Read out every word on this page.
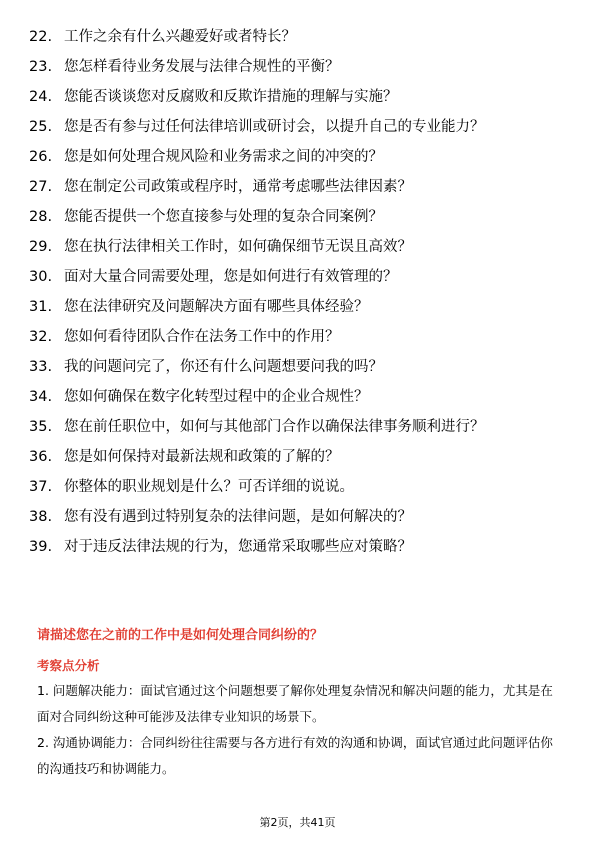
22. 工作之余有什么兴趣爱好或者特长？
23. 您怎样看待业务发展与法律合规性的平衡？
24. 您能否谈谈您对反腐败和反欺诈措施的理解与实施？
25. 您是否有参与过任何法律培训或研讨会，以提升自己的专业能力？
26. 您是如何处理合规风险和业务需求之间的冲突的？
27. 您在制定公司政策或程序时，通常考虑哪些法律因素？
28. 您能否提供一个您直接参与处理的复杂合同案例？
29. 您在执行法律相关工作时，如何确保细节无误且高效？
30. 面对大量合同需要处理，您是如何进行有效管理的？
31. 您在法律研究及问题解决方面有哪些具体经验？
32. 您如何看待团队合作在法务工作中的作用？
33. 我的问题问完了，你还有什么问题想要问我的吗？
34. 您如何确保在数字化转型过程中的企业合规性？
35. 您在前任职位中，如何与其他部门合作以确保法律事务顺利进行？
36. 您是如何保持对最新法规和政策的了解的？
37. 你整体的职业规划是什么？可否详细的说说。
38. 您有没有遇到过特别复杂的法律问题，是如何解决的？
39. 对于违反法律法规的行为，您通常采取哪些应对策略？

请描述您在之前的工作中是如何处理合同纠纷的？

考察点分析

1. 问题解决能力：面试官通过这个问题想要了解你处理复杂情况和解决问题的能力，尤其是在面对合同纠纷这种可能涉及法律专业知识的场景下。

2. 沟通协调能力：合同纠纷往往需要与各方进行有效的沟通和协调，面试官通过此问题评估你的沟通技巧和协调能力。

第2页，共41页
